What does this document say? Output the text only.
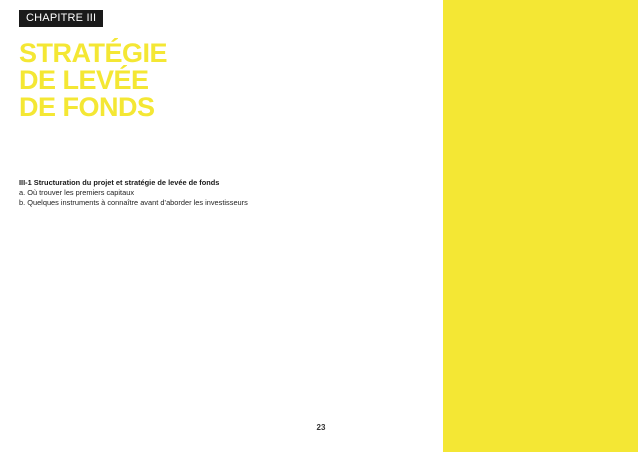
CHAPITRE III
STRATÉGIE
DE LEVÉE
DE FONDS
III-1 Structuration du projet et stratégie de levée de fonds
a. Où trouver les premiers capitaux
b. Quelques instruments à connaître avant d’aborder les investisseurs
23
